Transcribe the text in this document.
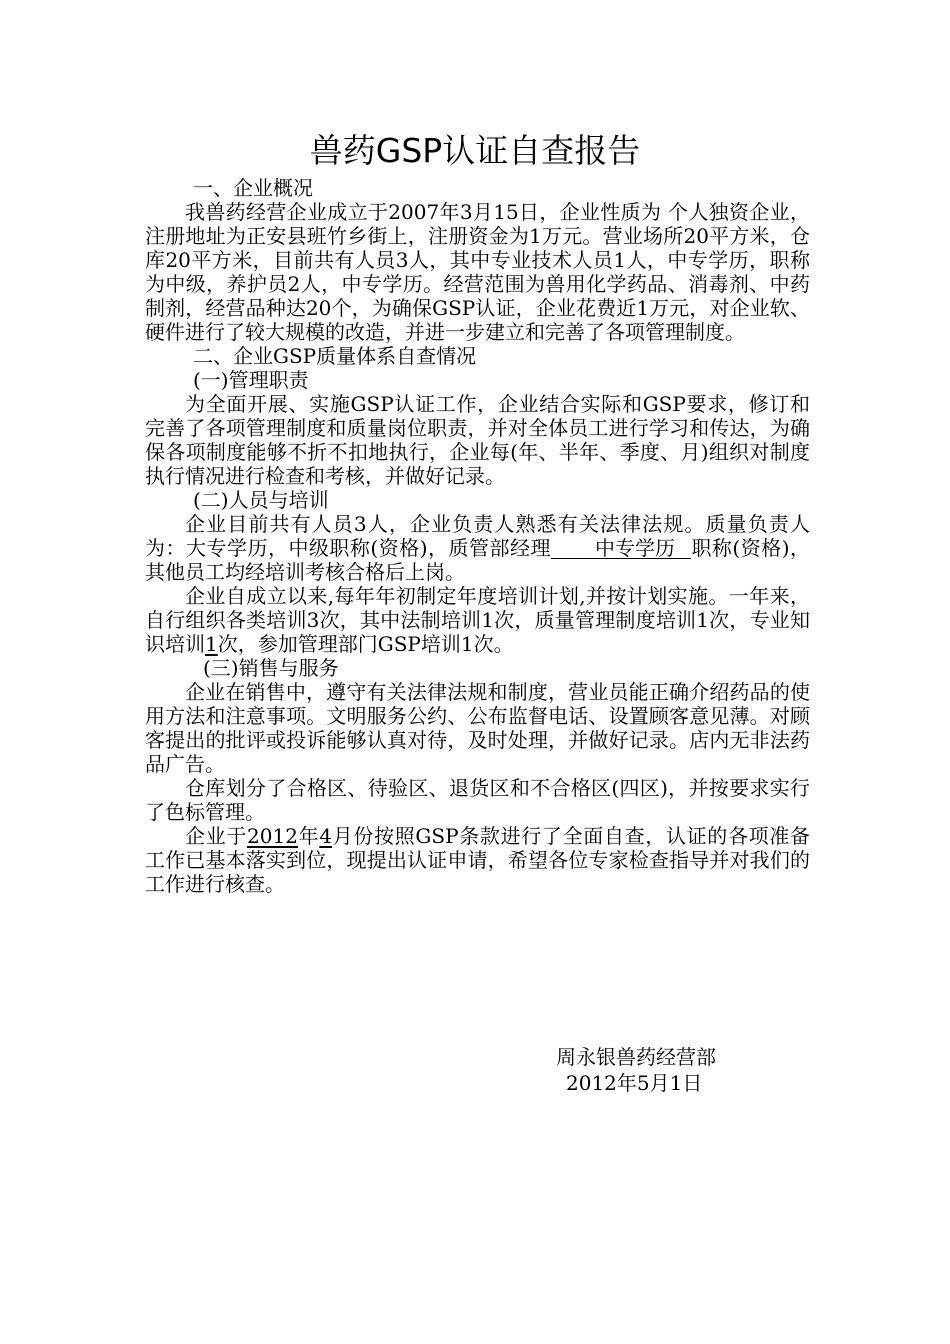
兽药GSP认证自查报告

一、企业概况

我兽药经营企业成立于2007年3月15日，企业性质为 个人独资企业，注册地址为正安县班竹乡街上，注册资金为1万元。营业场所20平方米，仓库20平方米，目前共有人员3人，其中专业技术人员1人，中专学历，职称为中级，养护员2人，中专学历。经营范围为兽用化学药品、消毒剂、中药制剂，经营品种达20个，为确保GSP认证，企业花费近1万元，对企业软、硬件进行了较大规模的改造，并进一步建立和完善了各项管理制度。

二、企业GSP质量体系自查情况

(一)管理职责

为全面开展、实施GSP认证工作，企业结合实际和GSP要求，修订和完善了各项管理制度和质量岗位职责，并对全体员工进行学习和传达，为确保各项制度能够不折不扣地执行，企业每(年、半年、季度、月)组织对制度执行情况进行检查和考核，并做好记录。

(二)人员与培训

企业目前共有人员3人，企业负责人熟悉有关法律法规。质量负责人为：大专学历，中级职称(资格)，质管部经理 中专学历 职称(资格)，其他员工均经培训考核合格后上岗。

企业自成立以来,每年年初制定年度培训计划,并按计划实施。一年来，自行组织各类培训3次，其中法制培训1次，质量管理制度培训1次，专业知识培训1次，参加管理部门GSP培训1次。

(三)销售与服务

企业在销售中，遵守有关法律法规和制度，营业员能正确介绍药品的使用方法和注意事项。文明服务公约、公布监督电话、设置顾客意见薄。对顾客提出的批评或投诉能够认真对待，及时处理，并做好记录。店内无非法药品广告。

仓库划分了合格区、待验区、退货区和不合格区(四区)，并按要求实行了色标管理。

企业于2012年4月份按照GSP条款进行了全面自查，认证的各项准备工作已基本落实到位，现提出认证申请，希望各位专家检查指导并对我们的工作进行核查。

周永银兽药经营部
2012年5月1日
